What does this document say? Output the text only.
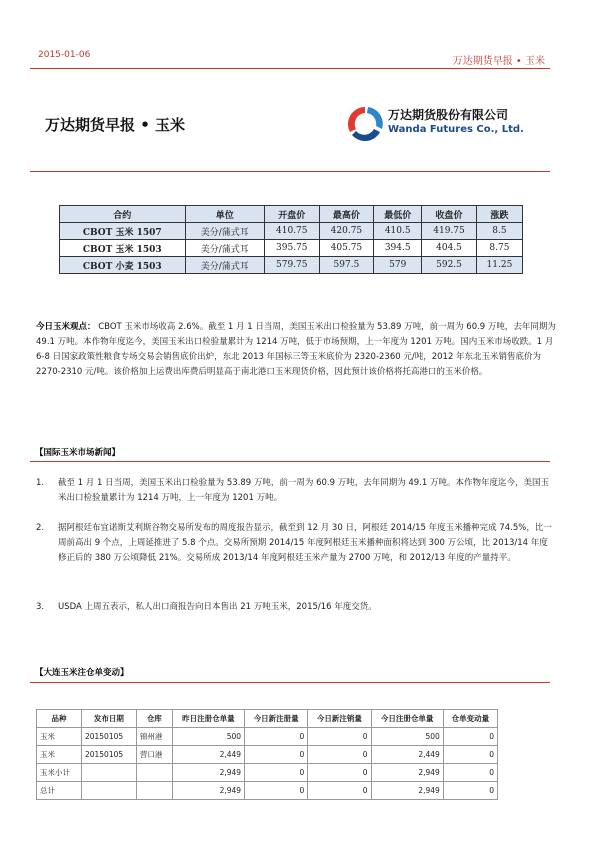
2015-01-06
万达期货早报 • 玉米
万达期货早报 • 玉米
万达期货股份有限公司
Wanda Futures Co., Ltd.
合约	单位	开盘价	最高价	最低价	收盘价	涨跌
CBOT 玉米 1507	美分/蒲式耳	410.75	420.75	410.5	419.75	8.5
CBOT 玉米 1503	美分/蒲式耳	395.75	405.75	394.5	404.5	8.75
CBOT 小麦 1503	美分/蒲式耳	579.75	597.5	579	592.5	11.25
今日玉米观点： CBOT 玉米市场收高 2.6%。截至 1 月 1 日当周，美国玉米出口检验量为 53.89 万吨，前一周为 60.9 万吨，去年同期为 49.1 万吨。本作物年度迄今，美国玉米出口检验量累计为 1214 万吨，低于市场预期，上一年度为 1201 万吨。国内玉米市场收跌。1 月 6-8 日国家政策性粮食专场交易会销售底价出炉，东北 2013 年国标三等玉米底价为 2320-2360 元/吨，2012 年东北玉米销售底价为 2270-2310 元/吨。该价格加上运费出库费后明显高于南北港口玉米现货价格，因此预计该价格将托高港口的玉米价格。
【国际玉米市场新闻】
1. 截至 1 月 1 日当周，美国玉米出口检验量为 53.89 万吨，前一周为 60.9 万吨，去年同期为 49.1 万吨。本作物年度迄今，美国玉米出口检验量累计为 1214 万吨，上一年度为 1201 万吨。
2. 据阿根廷布宜诺斯艾利斯谷物交易所发布的周度报告显示，截至到 12 月 30 日，阿根廷 2014/15 年度玉米播种完成 74.5%，比一周前高出 9 个点，上周延推进了 5.8 个点。交易所预期 2014/15 年度阿根廷玉米播种面积将达到 300 万公顷，比 2013/14 年度修正后的 380 万公顷降低 21%。交易所成 2013/14 年度阿根廷玉米产量为 2700 万吨，和 2012/13 年度的产量持平。
3. USDA 上周五表示，私人出口商报告向日本售出 21 万吨玉米，2015/16 年度交货。
【大连玉米注仓单变动】
品种	发布日期	仓库	昨日注册仓单量	今日新注册量	今日新注销量	今日注册仓单量	仓单变动量
玉米	20150105	锦州港	500	0	0	500	0
玉米	20150105	营口港	2,449	0	0	2,449	0
玉米小计			2,949	0	0	2,949	0
总计			2,949	0	0	2,949	0
